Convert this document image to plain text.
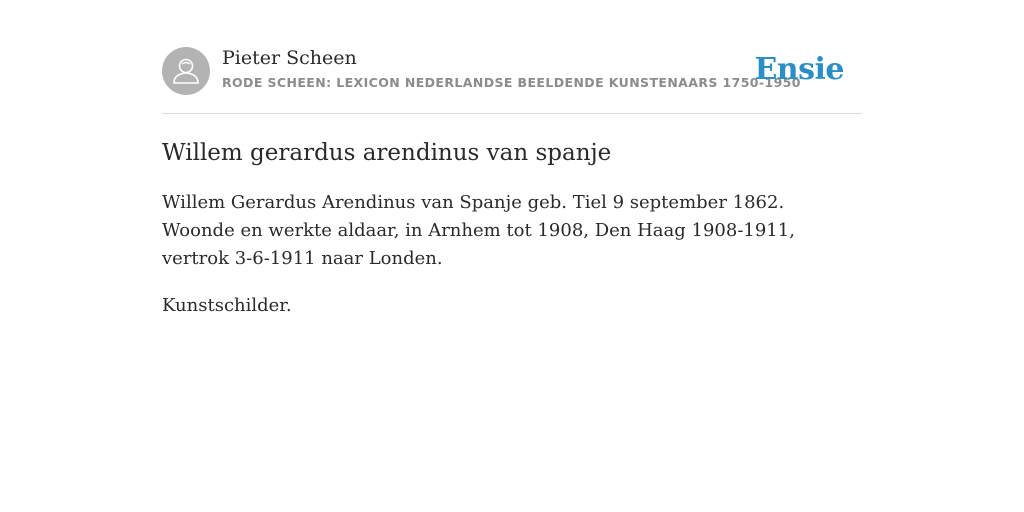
Pieter Scheen
RODE SCHEEN: LEXICON NEDERLANDSE BEELDENDE KUNSTENAARS 1750-1950
Ensie
Willem gerardus arendinus van spanje

Willem Gerardus Arendinus van Spanje geb. Tiel 9 september 1862. Woonde en werkte aldaar, in Arnhem tot 1908, Den Haag 1908-1911, vertrok 3-6-1911 naar Londen.

Kunstschilder.
